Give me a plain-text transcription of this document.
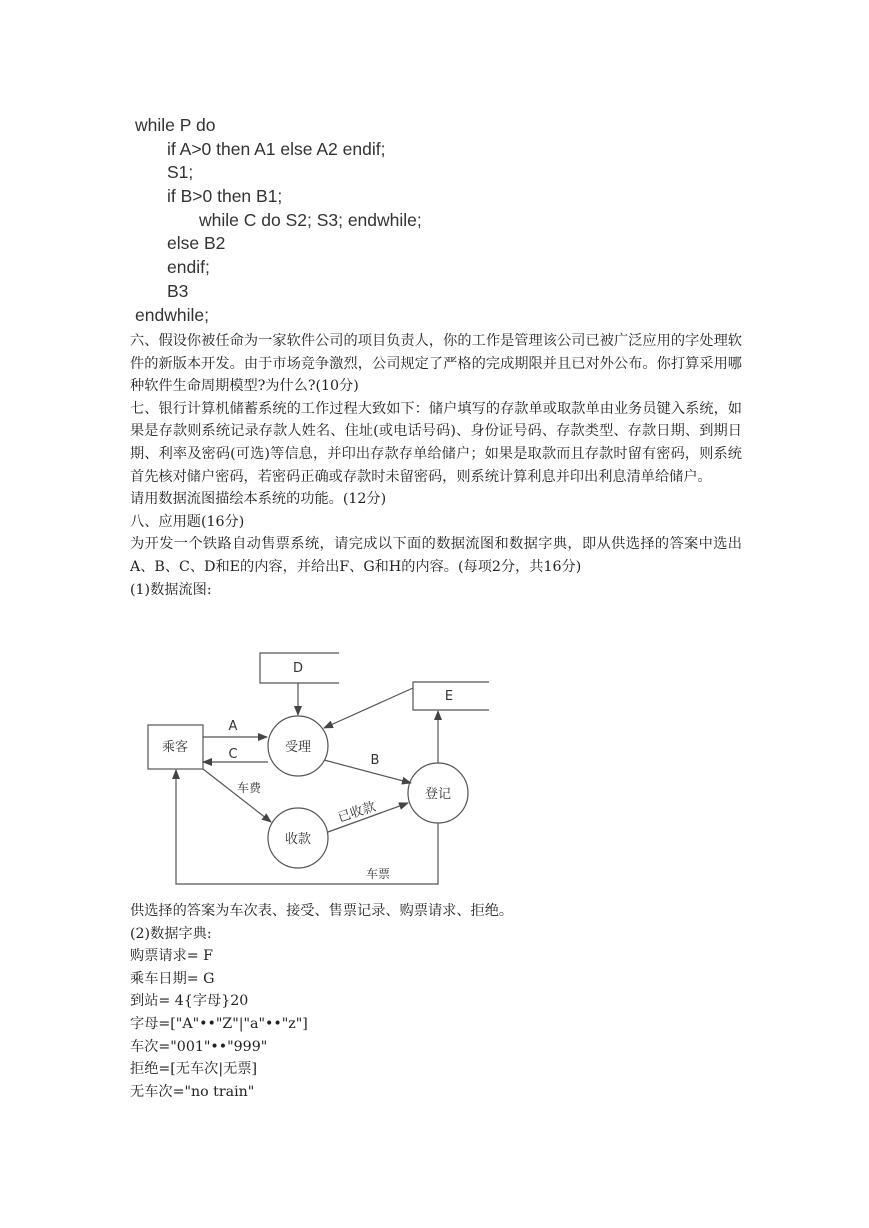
while P do
if A>0 then A1 else A2 endif;
S1;
if B>0 then B1;
while C do S2; S3; endwhile;
else B2
endif;
B3
endwhile;

六、假设你被任命为一家软件公司的项目负责人，你的工作是管理该公司已被广泛应用的字处理软件的新版本开发。由于市场竞争激烈，公司规定了严格的完成期限并且已对外公布。你打算采用哪种软件生命周期模型?为什么?(10分)

七、银行计算机储蓄系统的工作过程大致如下：储户填写的存款单或取款单由业务员键入系统，如果是存款则系统记录存款人姓名、住址(或电话号码)、身份证号码、存款类型、存款日期、到期日期、利率及密码(可选)等信息，并印出存款存单给储户；如果是取款而且存款时留有密码，则系统首先核对储户密码，若密码正确或存款时未留密码，则系统计算利息并印出利息清单给储户。

请用数据流图描绘本系统的功能。(12分)

八、应用题(16分)

为开发一个铁路自动售票系统，请完成以下面的数据流图和数据字典，即从供选择的答案中选出A、B、C、D和E的内容，并给出F、G和H的内容。(每项2分，共16分)

(1)数据流图:

D
E
乘客	受理
收款
登记
A
C	B
车费
已收款
车票

供选择的答案为车次表、接受、售票记录、购票请求、拒绝。

(2)数据字典:

购票请求= F

乘车日期= G

到站= 4{字母}20

字母=["A"••"Z"|"a"••"z"]

车次="001"••"999"

拒绝=[无车次|无票]

无车次="no train"
